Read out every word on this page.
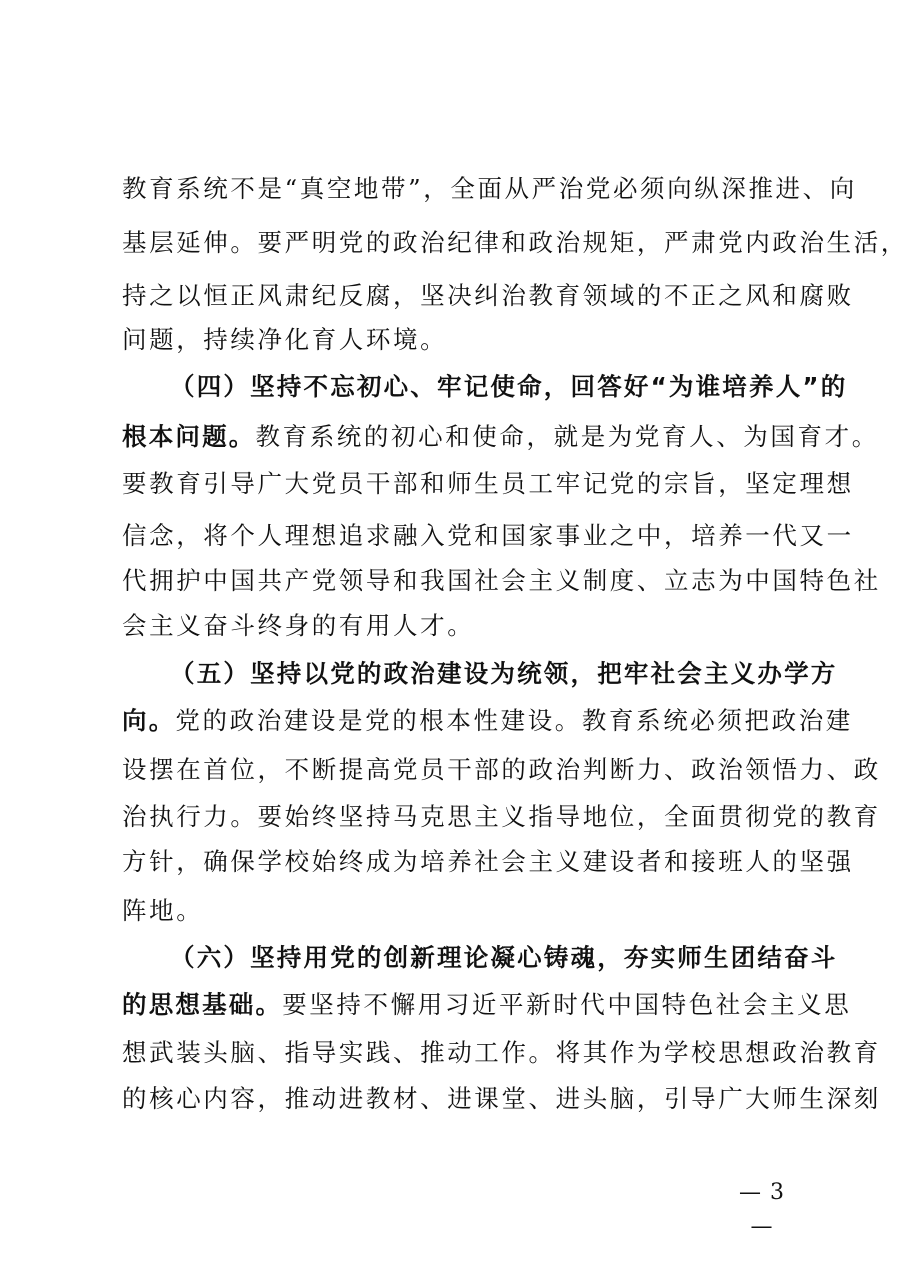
教育系统不是“真空地带”，全面从严治党必须向纵深推进、向
基层延伸。要严明党的政治纪律和政治规矩，严肃党内政治生活，
持之以恒正风肃纪反腐，坚决纠治教育领域的不正之风和腐败
问题，持续净化育人环境。
（四）坚持不忘初心、牢记使命，回答好“为谁培养人”的
根本问题。教育系统的初心和使命，就是为党育人、为国育才。
要教育引导广大党员干部和师生员工牢记党的宗旨，坚定理想
信念，将个人理想追求融入党和国家事业之中，培养一代又一
代拥护中国共产党领导和我国社会主义制度、立志为中国特色社
会主义奋斗终身的有用人才。
（五）坚持以党的政治建设为统领，把牢社会主义办学方
向。党的政治建设是党的根本性建设。教育系统必须把政治建
设摆在首位，不断提高党员干部的政治判断力、政治领悟力、政
治执行力。要始终坚持马克思主义指导地位，全面贯彻党的教育
方针，确保学校始终成为培养社会主义建设者和接班人的坚强
阵地。
（六）坚持用党的创新理论凝心铸魂，夯实师生团结奋斗
的思想基础。要坚持不懈用习近平新时代中国特色社会主义思
想武装头脑、指导实践、推动工作。将其作为学校思想政治教育
的核心内容，推动进教材、进课堂、进头脑，引导广大师生深刻
— 3 —
